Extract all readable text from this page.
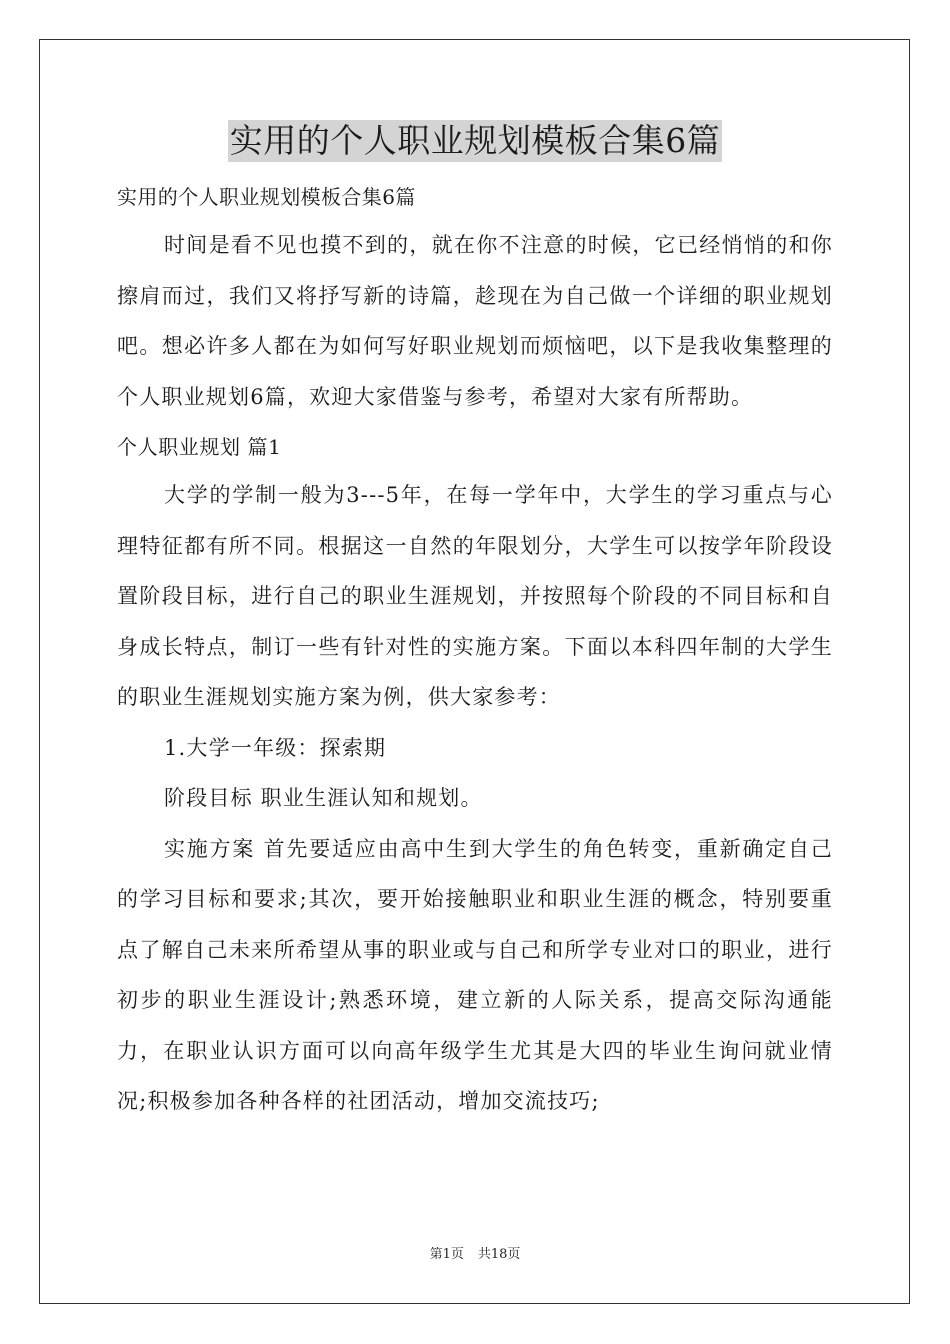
实用的个人职业规划模板合集6篇
实用的个人职业规划模板合集6篇

时间是看不见也摸不到的，就在你不注意的时候，它已经悄悄的和你擦肩而过，我们又将抒写新的诗篇，趁现在为自己做一个详细的职业规划吧。想必许多人都在为如何写好职业规划而烦恼吧，以下是我收集整理的个人职业规划6篇，欢迎大家借鉴与参考，希望对大家有所帮助。

个人职业规划 篇1

大学的学制一般为3---5年，在每一学年中，大学生的学习重点与心理特征都有所不同。根据这一自然的年限划分，大学生可以按学年阶段设置阶段目标，进行自己的职业生涯规划，并按照每个阶段的不同目标和自身成长特点，制订一些有针对性的实施方案。下面以本科四年制的大学生的职业生涯规划实施方案为例，供大家参考：

1.大学一年级：探索期

阶段目标 职业生涯认知和规划。

实施方案 首先要适应由高中生到大学生的角色转变，重新确定自己的学习目标和要求;其次，要开始接触职业和职业生涯的概念，特别要重点了解自己未来所希望从事的职业或与自己和所学专业对口的职业，进行初步的职业生涯设计;熟悉环境，建立新的人际关系，提高交际沟通能力，在职业认识方面可以向高年级学生尤其是大四的毕业生询问就业情况;积极参加各种各样的社团活动，增加交流技巧;

第1页 共18页
